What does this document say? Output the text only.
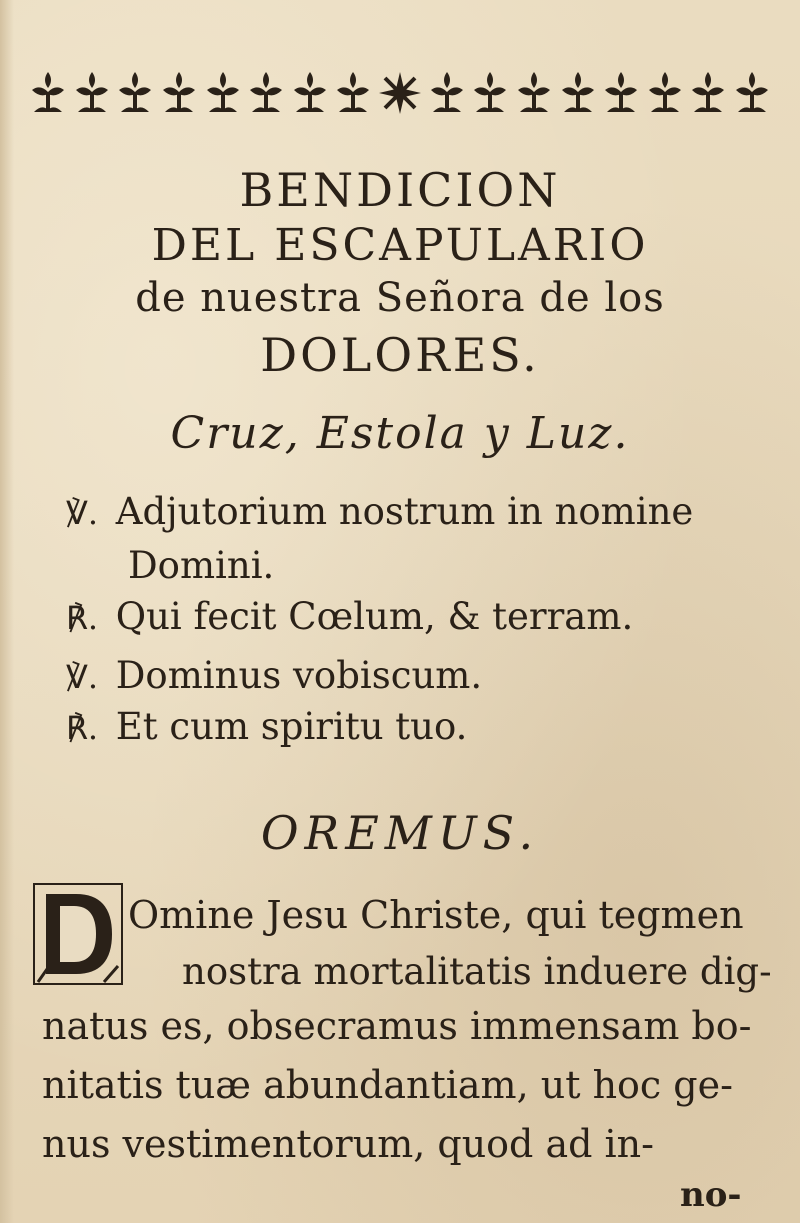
BENDICION
DEL ESCAPULARIO
de nuestra Señora de los
DOLORES.
Cruz, Estola y Luz.
℣. Adjutorium nostrum in nomine
Domini.
℟. Qui fecit Cœlum, & terram.
℣. Dominus vobiscum.
℟. Et cum spiritu tuo.
OREMUS.
Omine Jesu Christe, qui tegmen
nostra mortalitatis induere dig-
natus es, obsecramus immensam bo-
nitatis tuæ abundantiam, ut hoc ge-
nus vestimentorum, quod ad in-
no-
